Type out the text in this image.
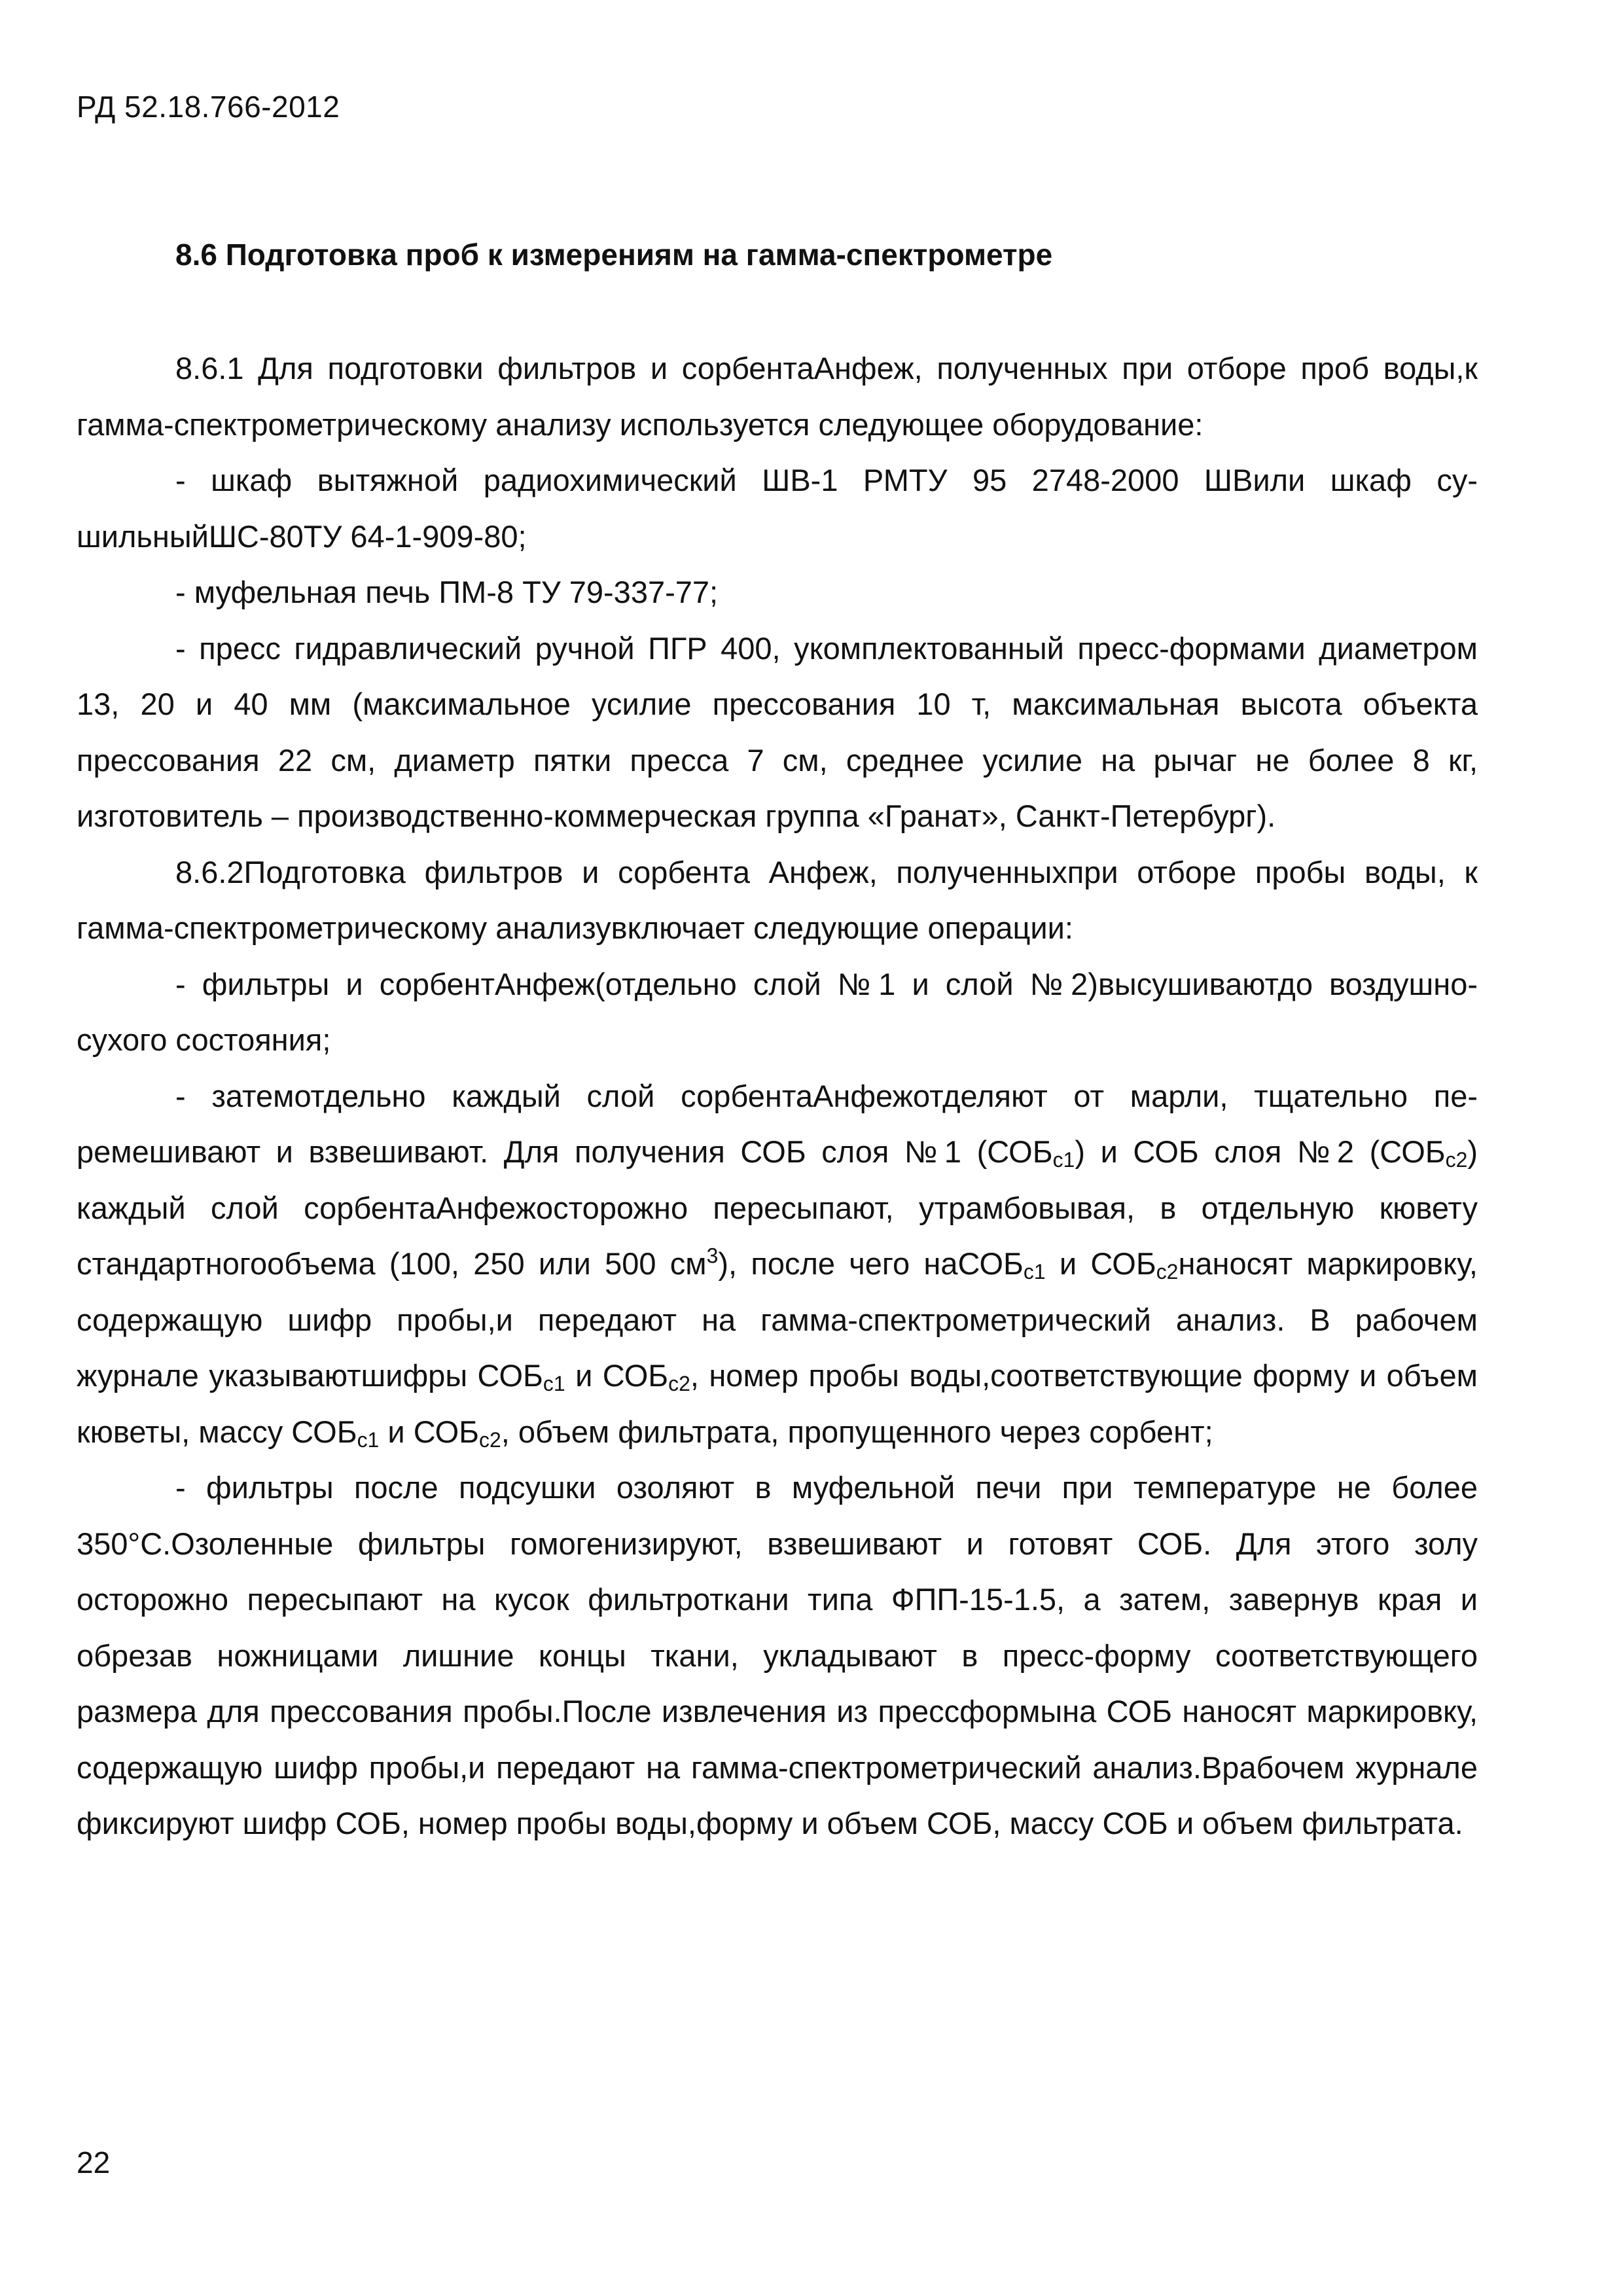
РД 52.18.766-2012
8.6 Подготовка проб к измерениям на гамма-спектрометре

8.6.1 Для подготовки фильтров и сорбентаАнфеж, полученных при отборе проб воды,к гамма-спектрометрическому анализу используется следующее оборудование:

- шкаф вытяжной радиохимический ШВ-1 РМТУ 95 2748-2000 ШВили шкаф сушильныйШС-80ТУ 64-1-909-80;

- муфельная печь ПМ-8 ТУ 79-337-77;

- пресс гидравлический ручной ПГР 400, укомплектованный пресс-формами диаметром 13, 20 и 40 мм (максимальное усилие прессования 10 т, максимальная высота объекта прессования 22 см, диаметр пятки пресса 7 см, среднее усилие на рычаг не более 8 кг, изготовитель – производственно-коммерческая группа «Гранат», Санкт-Петербург).

8.6.2Подготовка фильтров и сорбента Анфеж, полученныхпри отборе пробы воды, к гамма-спектрометрическому анализувключает следующие операции:

- фильтры и сорбентАнфеж(отдельно слой №1 и слой №2)высушиваютдо воздушно-сухого состояния;

- затемотдельно каждый слой сорбентаАнфежотделяют от марли, тщательно перемешивают и взвешивают. Для получения СОБ слоя №1 $(СОБ_{с1})$ и СОБ слоя №2 $(СОБ_{с2})$ каждый слой сорбентаАнфежосторожно пересыпают, утрамбовывая, в отдельную кювету стандартногообъема (100, 250 или 500 $см^3$), после чего наСОБ$_{с1}$ и $СОБ_{с2}наносят$ маркировку, содержащую шифр пробы,и передают на гамма-спектрометрический анализ. В рабочем журнале указываютшифры $СОБ_{с1}$ и $СОБ_{с2}$, номер пробы воды,соответствующие форму и объем кюветы, массу $СОБ_{с1}$ и $СОБ_{с2}$, объем фильтрата, пропущенного через сорбент;

- фильтры после подсушки озоляют в муфельной печи при температуре не более 350°С.Озоленные фильтры гомогенизируют, взвешивают и готовят СОБ. Для этого золу осторожно пересыпают на кусок фильтроткани типа ФПП-15-1.5, а затем, завернув края и обрезав ножницами лишние концы ткани, укладывают в пресс-форму соответствующего размера для прессования пробы.После извлечения из прессформына СОБ наносят маркировку, содержащую шифр пробы,и передают на гамма-спектрометрический анализ.Врабочем журнале фиксируют шифр СОБ, номер пробы воды,форму и объем СОБ, массу СОБ и объем фильтрата.

22
